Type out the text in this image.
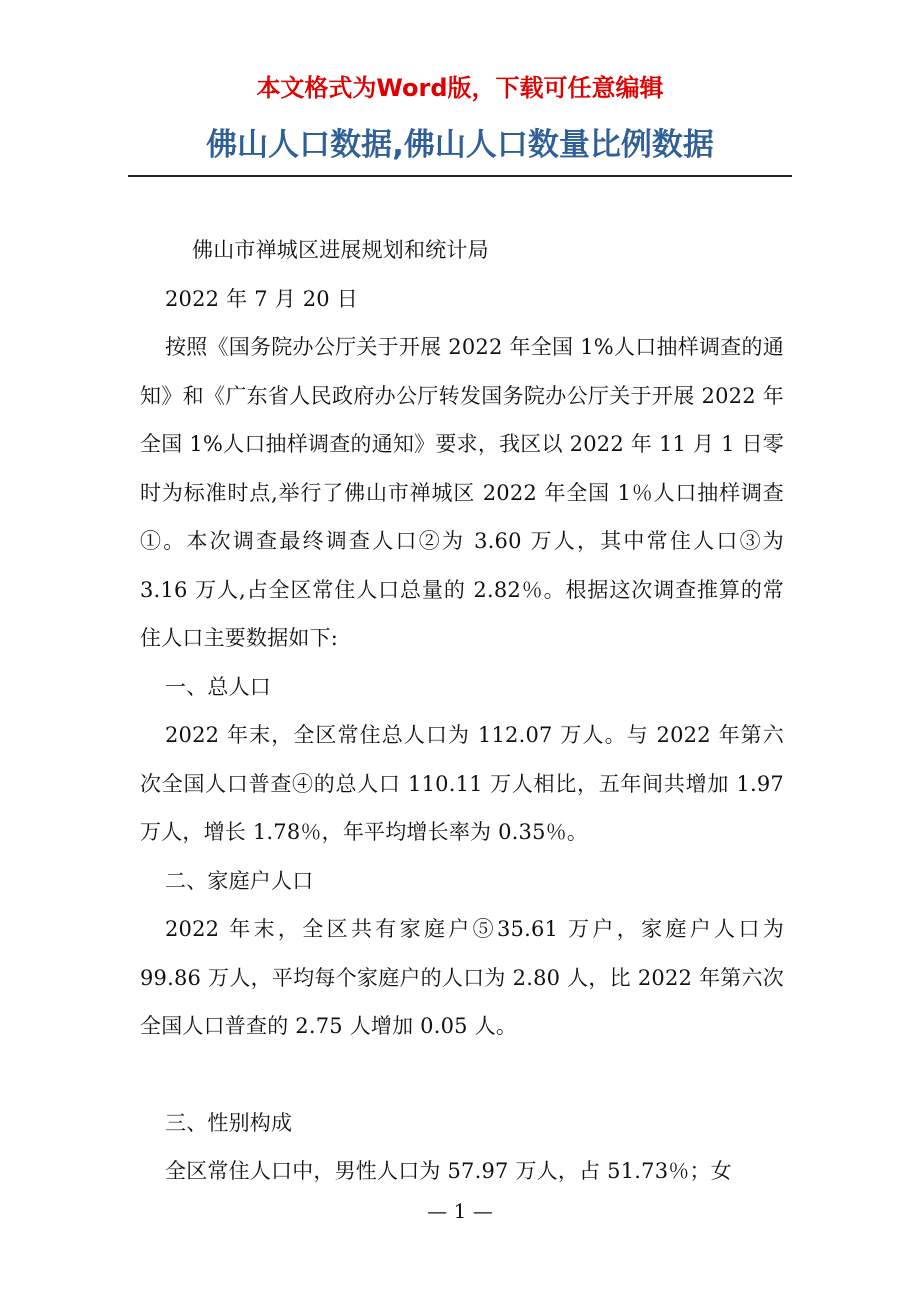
本文格式为Word版，下载可任意编辑
佛山人口数据,佛山人口数量比例数据

佛山市禅城区进展规划和统计局

2022 年 7 月 20 日

按照《国务院办公厅关于开展 2022 年全国 1%人口抽样调查的通知》和《广东省人民政府办公厅转发国务院办公厅关于开展 2022 年全国 1%人口抽样调查的通知》要求，我区以 2022 年 11 月 1 日零时为标准时点,举行了佛山市禅城区 2022 年全国 1％人口抽样调查①。本次调查最终调查人口②为 3.60 万人，其中常住人口③为 3.16 万人,占全区常住人口总量的 2.82％。根据这次调查推算的常住人口主要数据如下:

一、总人口

2022 年末，全区常住总人口为 112.07 万人。与 2022 年第六次全国人口普查④的总人口 110.11 万人相比，五年间共增加 1.97 万人，增长 1.78％，年平均增长率为 0.35％。

二、家庭户人口

2022 年末，全区共有家庭户⑤35.61 万户，家庭户人口为 99.86 万人，平均每个家庭户的人口为 2.80 人，比 2022 年第六次全国人口普查的 2.75 人增加 0.05 人。

三、性别构成

全区常住人口中，男性人口为 57.97 万人，占 51.73％；女

— 1 —
